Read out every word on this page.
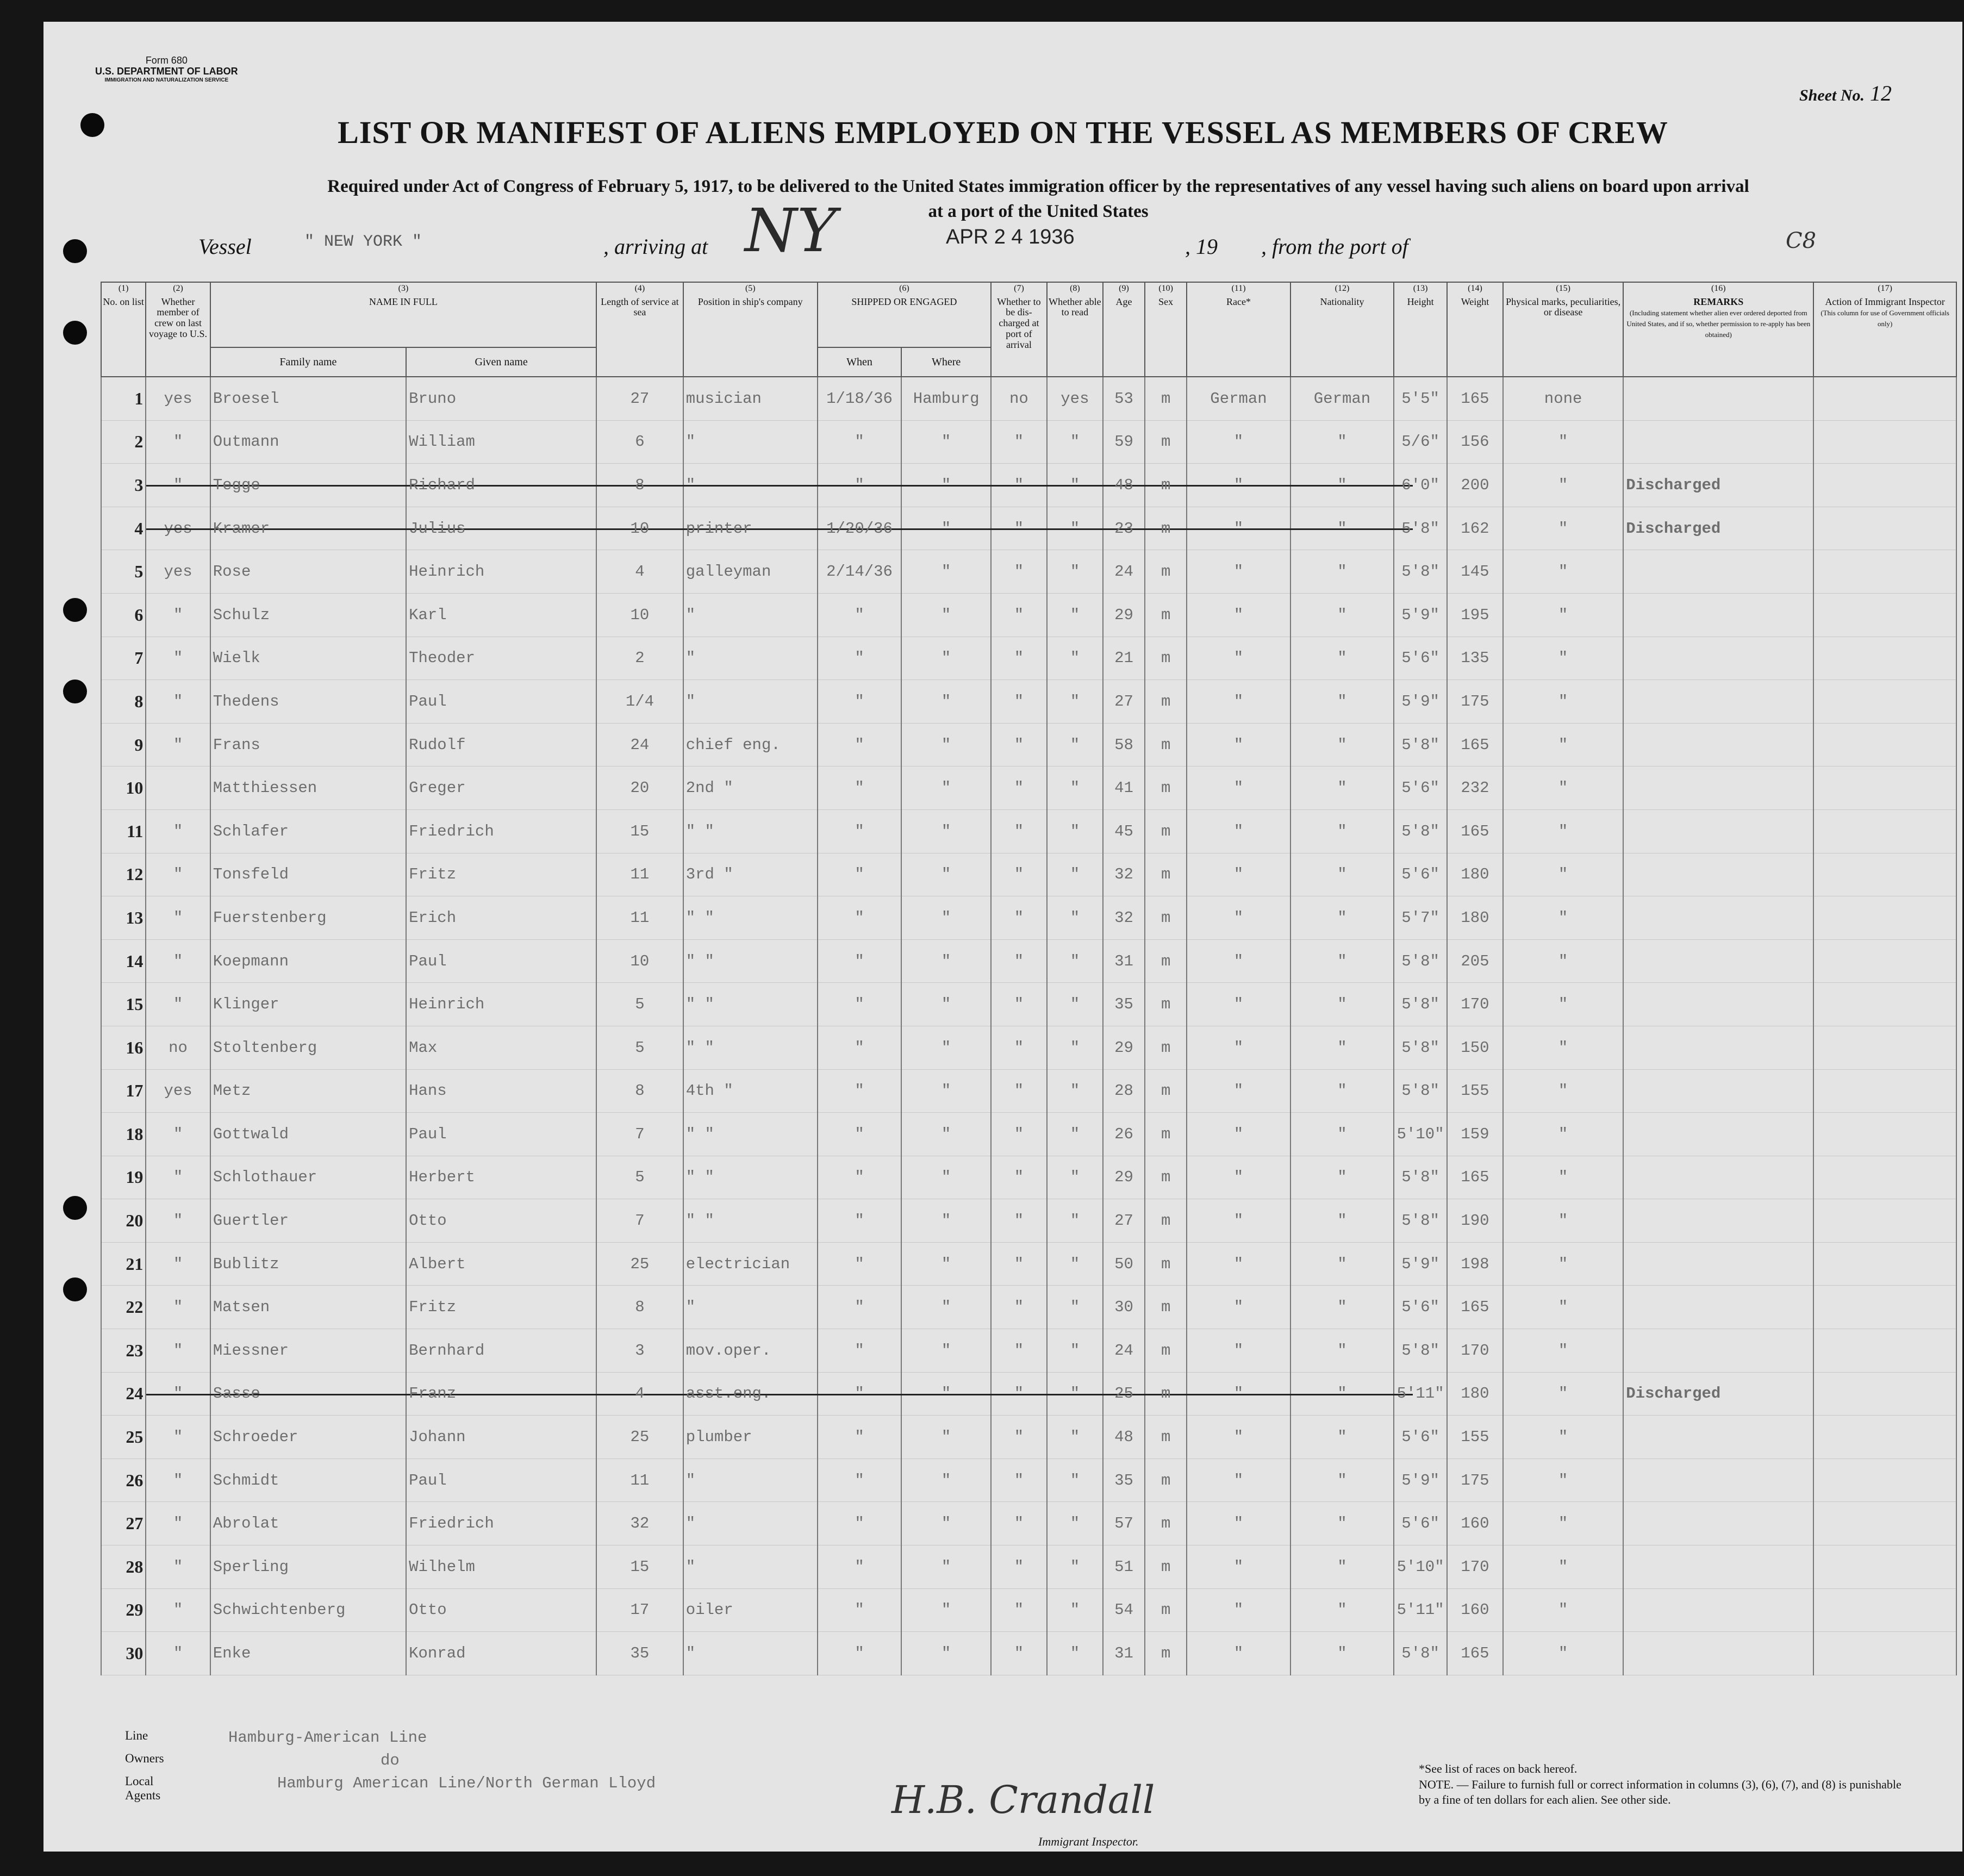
Form 680
U.S. DEPARTMENT OF LABOR
IMMIGRATION AND NATURALIZATION SERVICE
Sheet No. 12
LIST OR MANIFEST OF ALIENS EMPLOYED ON THE VESSEL AS MEMBERS OF CREW
Required under Act of Congress of February 5, 1917, to be delivered to the United States immigration officer by the representatives of any vessel having such aliens on board upon arrival
at a port of the United States
Vessel	" NEW YORK "	, arriving at NY	APR 2 4 1936	, 19 , from the port of	C8
(1)
No. on list	(2)
Whether member of crew on last voyage to U.S.	(3)
NAME IN FULL		(4)
Length of service at sea	(5)
Position in ship's company	(6)
SHIPPED OR ENGAGED		(7)
Whether to be dis-charged at port of arrival	(8)
Whether able to read	(9)
Age	(10)
Sex	(11)
Race*	(12)
Nationality	(13)
Height	(14)
Weight	(15)
Physical marks, peculiarities, or disease	(16)
REMARKS
(Including statement whether alien ever ordered deported from United States, and if so, whether permission to re-apply has been obtained)	(17)
Action of Immigrant Inspector
(This column for use of Government officials only)
		Family name	Given name			When	Where											
1	yes	Broesel	Bruno	27	musician	1/18/36	Hamburg	no	yes	53	m	German	German	5'5"	165	none		
2	"	Outmann	William	6	"	"	"	"	"	59	m	"	"	5/6"	156	"		
3	"	Tegge	Richard	8	"	"	"	"	"	48	m	"	"	6'0"	200	"	Discharged	
4	yes	Kramer	Julius	10	printer	1/20/36	"	"	"	23	m	"	"	5'8"	162	"	Discharged	
5	yes	Rose	Heinrich	4	galleyman	2/14/36	"	"	"	24	m	"	"	5'8"	145	"		
6	"	Schulz	Karl	10	"	"	"	"	"	29	m	"	"	5'9"	195	"		
7	"	Wielk	Theoder	2	"	"	"	"	"	21	m	"	"	5'6"	135	"		
8	"	Thedens	Paul	1/4	"	"	"	"	"	27	m	"	"	5'9"	175	"		
9	"	Frans	Rudolf	24	chief eng.	"	"	"	"	58	m	"	"	5'8"	165	"		
10		Matthiessen	Greger	20	2nd "	"	"	"	"	41	m	"	"	5'6"	232	"		
11	"	Schlafer	Friedrich	15	" "	"	"	"	"	45	m	"	"	5'8"	165	"		
12	"	Tonsfeld	Fritz	11	3rd "	"	"	"	"	32	m	"	"	5'6"	180	"		
13	"	Fuerstenberg	Erich	11	" "	"	"	"	"	32	m	"	"	5'7"	180	"		
14	"	Koepmann	Paul	10	" "	"	"	"	"	31	m	"	"	5'8"	205	"		
15	"	Klinger	Heinrich	5	" "	"	"	"	"	35	m	"	"	5'8"	170	"		
16	no	Stoltenberg	Max	5	" "	"	"	"	"	29	m	"	"	5'8"	150	"		
17	yes	Metz	Hans	8	4th "	"	"	"	"	28	m	"	"	5'8"	155	"		
18	"	Gottwald	Paul	7	" "	"	"	"	"	26	m	"	"	5'10"	159	"		
19	"	Schlothauer	Herbert	5	" "	"	"	"	"	29	m	"	"	5'8"	165	"		
20	"	Guertler	Otto	7	" "	"	"	"	"	27	m	"	"	5'8"	190	"		
21	"	Bublitz	Albert	25	electrician	"	"	"	"	50	m	"	"	5'9"	198	"		
22	"	Matsen	Fritz	8	"	"	"	"	"	30	m	"	"	5'6"	165	"		
23	"	Miessner	Bernhard	3	mov.oper.	"	"	"	"	24	m	"	"	5'8"	170	"		
24	"	Sasse	Franz	4	asst.eng.	"	"	"	"	25	m	"	"	5'11"	180	"	Discharged	
25	"	Schroeder	Johann	25	plumber	"	"	"	"	48	m	"	"	5'6"	155	"		
26	"	Schmidt	Paul	11	"	"	"	"	"	35	m	"	"	5'9"	175	"		
27	"	Abrolat	Friedrich	32	"	"	"	"	"	57	m	"	"	5'6"	160	"		
28	"	Sperling	Wilhelm	15	"	"	"	"	"	51	m	"	"	5'10"	170	"		
29	"	Schwichtenberg	Otto	17	oiler	"	"	"	"	54	m	"	"	5'11"	160	"		
30	"	Enke	Konrad	35	"	"	"	"	"	31	m	"	"	5'8"	165	"		
Line	Hamburg-American Line
Owners	do
Local Agents
Hamburg American Line/North German Lloyd	H.B. Crandall
Immigrant Inspector.
*See list of races on back hereof.
NOTE. — Failure to furnish full or correct information in columns (3), (6), (7), and (8) is punishable by a fine of ten dollars for each alien. See other side.
gsf 35 nd.	Sch. 371
